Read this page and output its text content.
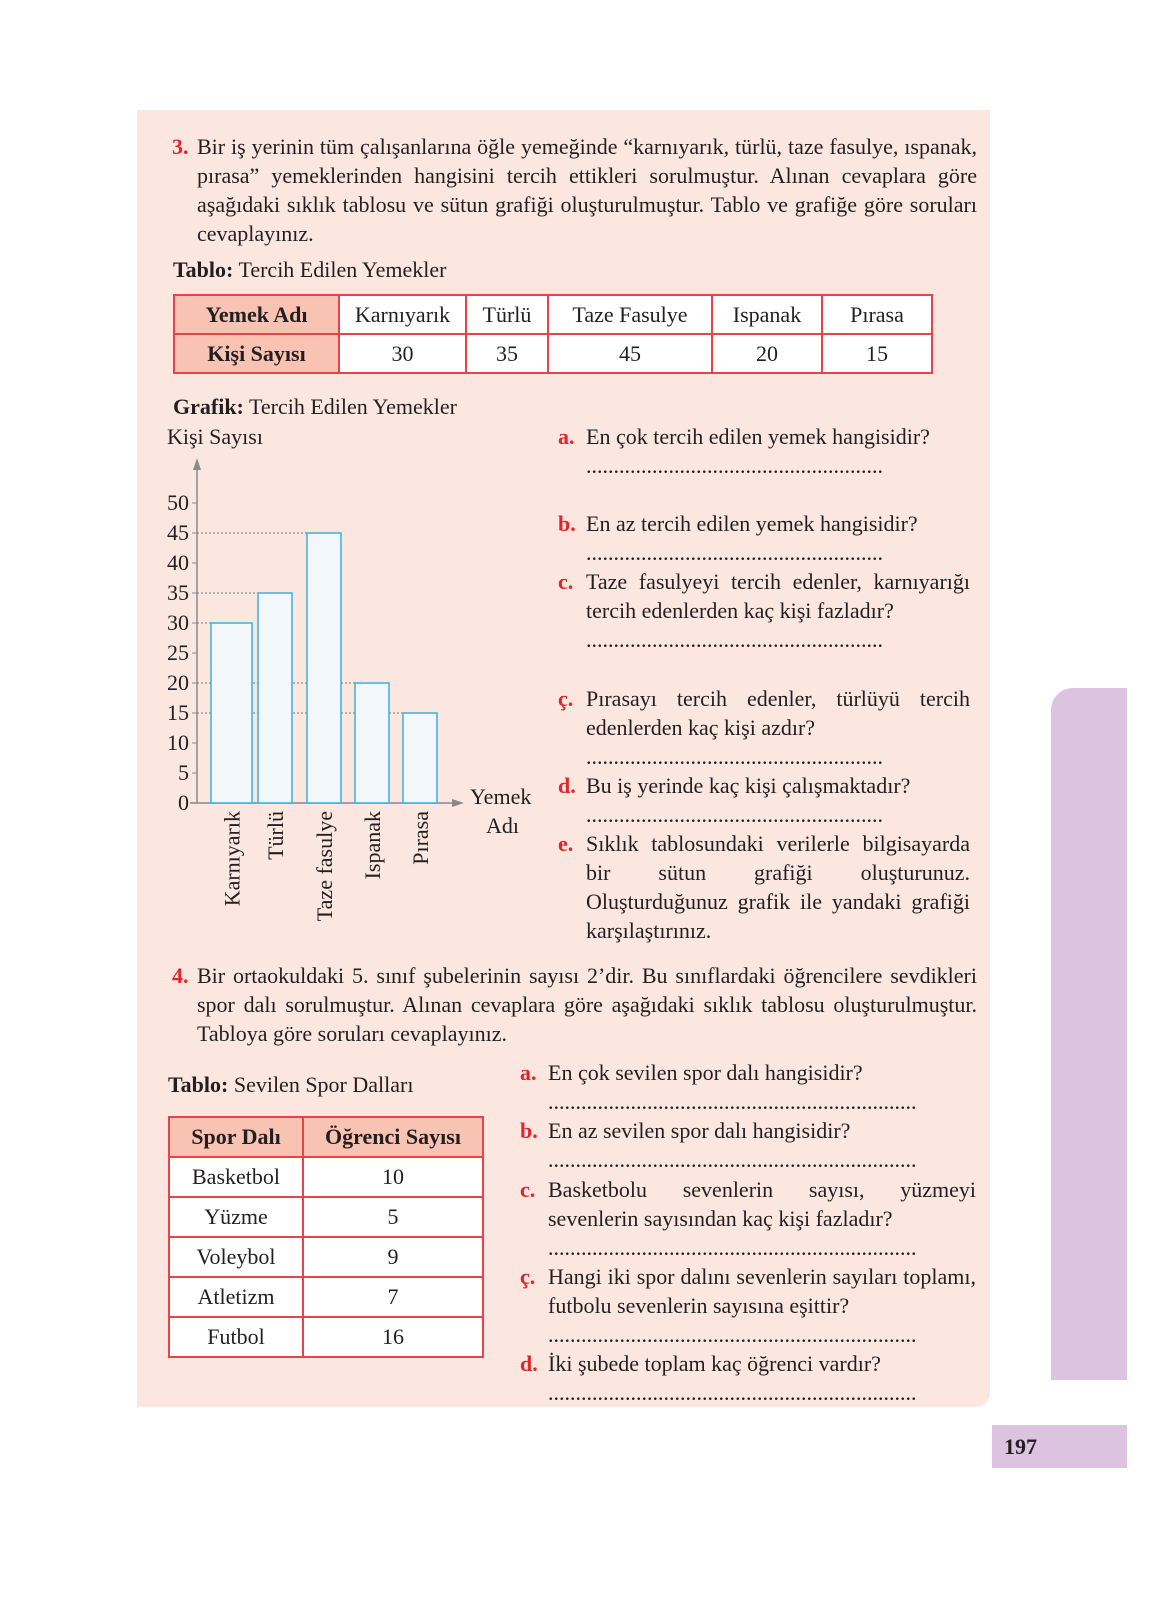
197
3. Bir iş yerinin tüm çalışanlarına öğle yemeğinde “karnıyarık, türlü, taze fasulye, ıspanak, pırasa” yemeklerinden hangisini tercih ettikleri sorulmuştur. Alınan cevaplara göre aşağıdaki sıklık tablosu ve sütun grafiği oluşturulmuştur. Tablo ve grafiğe göre soruları cevaplayınız.
Tablo: Tercih Edilen Yemekler
Yemek Adı	Karnıyarık	Türlü	Taze Fasulye	Ispanak	Pırasa
Kişi Sayısı	30	35	45	20	15
Grafik: Tercih Edilen Yemekler
Kişi Sayısı
Yemek Adı
0
5
10
15
20
25
30
35
40
45
50
Karnıyarık Türlü Taze fasulye Ispanak Pırasa
a. En çok tercih edilen yemek hangisidir?
......................................................
b. En az tercih edilen yemek hangisidir?
......................................................
c. Taze fasulyeyi tercih edenler, karnıyarığı tercih edenlerden kaç kişi fazladır?
......................................................
ç. Pırasayı tercih edenler, türlüyü tercih edenlerden kaç kişi azdır?
......................................................
d. Bu iş yerinde kaç kişi çalışmaktadır?
......................................................
e. Sıklık tablosundaki verilerle bilgisayarda bir sütun grafiği oluşturunuz. Oluşturduğunuz grafik ile yandaki grafiği karşılaştırınız.
4. Bir ortaokuldaki 5. sınıf şubelerinin sayısı 2’dir. Bu sınıflardaki öğrencilere sevdikleri spor dalı sorulmuştur. Alınan cevaplara göre aşağıdaki sıklık tablosu oluşturulmuştur. Tabloya göre soruları cevaplayınız.
Tablo: Sevilen Spor Dalları
Spor Dalı	Öğrenci Sayısı
Basketbol	10
Yüzme	5
Voleybol	9
Atletizm	7
Futbol	16
a. En çok sevilen spor dalı hangisidir?
...................................................................
b. En az sevilen spor dalı hangisidir?
...................................................................
c. Basketbolu sevenlerin sayısı, yüzmeyi sevenlerin sayısından kaç kişi fazladır?
...................................................................
ç. Hangi iki spor dalını sevenlerin sayıları toplamı, futbolu sevenlerin sayısına eşittir?
...................................................................
d. İki şubede toplam kaç öğrenci vardır?
...................................................................
